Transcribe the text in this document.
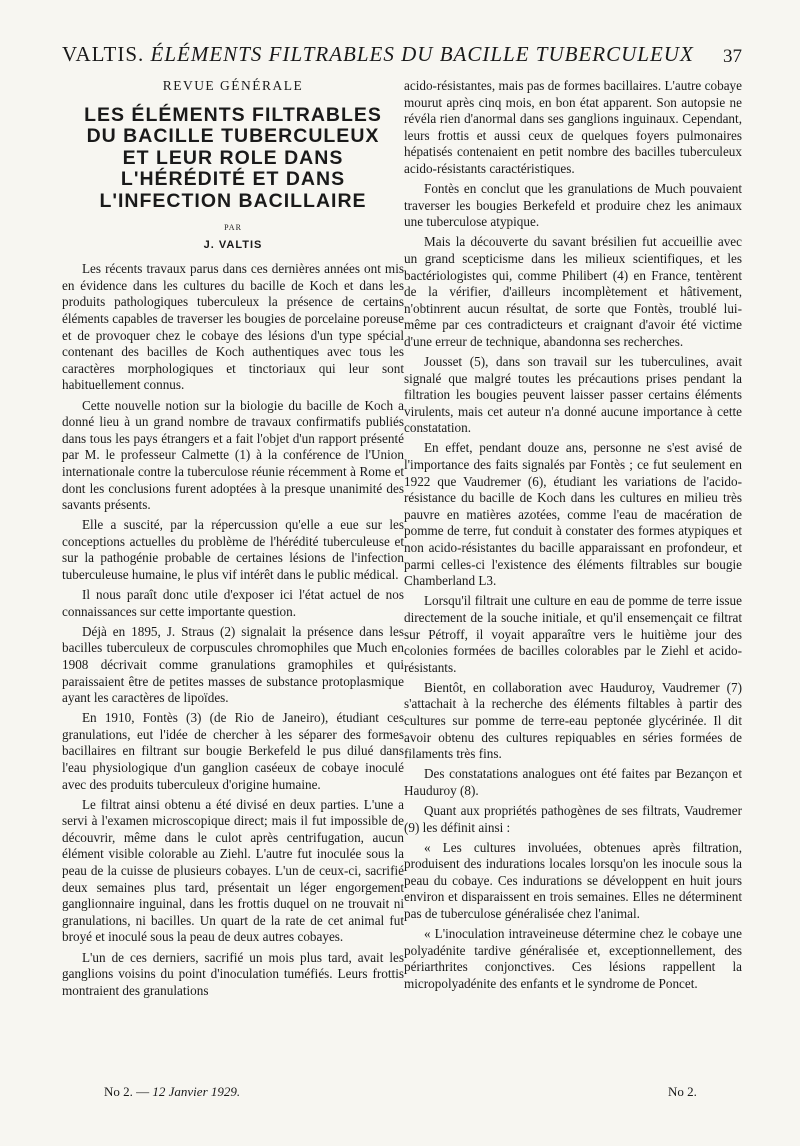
VALTIS. ÉLÉMENTS FILTRABLES DU BACILLE TUBERCULEUX 37
REVUE GÉNÉRALE
LES ÉLÉMENTS FILTRABLES
DU BACILLE TUBERCULEUX
ET LEUR ROLE DANS
L'HÉRÉDITÉ ET DANS
L'INFECTION BACILLAIRE
PAR
J. VALTIS

Les récents travaux parus dans ces dernières années ont mis en évidence dans les cultures du bacille de Koch et dans les produits pathologiques tuberculeux la présence de certains éléments capables de traverser les bougies de porcelaine poreuse et de provoquer chez le cobaye des lésions d'un type spécial contenant des bacilles de Koch authentiques avec tous les caractères morphologiques et tinctoriaux qui leur sont habituellement connus.

Cette nouvelle notion sur la biologie du bacille de Koch a donné lieu à un grand nombre de travaux confirmatifs publiés dans tous les pays étrangers et a fait l'objet d'un rapport présenté par M. le professeur Calmette (1) à la conférence de l'Union internationale contre la tuberculose réunie récemment à Rome et dont les conclusions furent adoptées à la presque unanimité des savants présents.

Elle a suscité, par la répercussion qu'elle a eue sur les conceptions actuelles du problème de l'hérédité tuberculeuse et sur la pathogénie probable de certaines lésions de l'infection tuberculeuse humaine, le plus vif intérêt dans le public médical.

Il nous paraît donc utile d'exposer ici l'état actuel de nos connaissances sur cette importante question.

Déjà en 1895, J. Straus (2) signalait la présence dans les bacilles tuberculeux de corpuscules chromophiles que Much en 1908 décrivait comme granulations gramophiles et qui paraissaient être de petites masses de substance protoplasmique ayant les caractères de lipoïdes.

En 1910, Fontès (3) (de Rio de Janeiro), étudiant ces granulations, eut l'idée de chercher à les séparer des formes bacillaires en filtrant sur bougie Berkefeld le pus dilué dans l'eau physiologique d'un ganglion caséeux de cobaye inoculé avec des produits tuberculeux d'origine humaine.

Le filtrat ainsi obtenu a été divisé en deux parties. L'une a servi à l'examen microscopique direct; mais il fut impossible de découvrir, même dans le culot après centrifugation, aucun élément visible colorable au Ziehl. L'autre fut inoculée sous la peau de la cuisse de plusieurs cobayes. L'un de ceux-ci, sacrifié deux semaines plus tard, présentait un léger engorgement ganglionnaire inguinal, dans les frottis duquel on ne trouvait ni granulations, ni bacilles. Un quart de la rate de cet animal fut broyé et inoculé sous la peau de deux autres cobayes.

L'un de ces derniers, sacrifié un mois plus tard, avait les ganglions voisins du point d'inoculation tuméfiés. Leurs frottis montraient des granulations

acido-résistantes, mais pas de formes bacillaires. L'autre cobaye mourut après cinq mois, en bon état apparent. Son autopsie ne révéla rien d'anormal dans ses ganglions inguinaux. Cependant, leurs frottis et aussi ceux de quelques foyers pulmonaires hépatisés contenaient en petit nombre des bacilles tuberculeux acido-résistants caractéristiques.

Fontès en conclut que les granulations de Much pouvaient traverser les bougies Berkefeld et produire chez les animaux une tuberculose atypique.

Mais la découverte du savant brésilien fut accueillie avec un grand scepticisme dans les milieux scientifiques, et les bactériologistes qui, comme Philibert (4) en France, tentèrent de la vérifier, d'ailleurs incomplètement et hâtivement, n'obtinrent aucun résultat, de sorte que Fontès, troublé lui-même par ces contradicteurs et craignant d'avoir été victime d'une erreur de technique, abandonna ses recherches.

Jousset (5), dans son travail sur les tuberculines, avait signalé que malgré toutes les précautions prises pendant la filtration les bougies peuvent laisser passer certains éléments virulents, mais cet auteur n'a donné aucune importance à cette constatation.

En effet, pendant douze ans, personne ne s'est avisé de l'importance des faits signalés par Fontès ; ce fut seulement en 1922 que Vaudremer (6), étudiant les variations de l'acido-résistance du bacille de Koch dans les cultures en milieu très pauvre en matières azotées, comme l'eau de macération de pomme de terre, fut conduit à constater des formes atypiques et non acido-résistantes du bacille apparaissant en profondeur, et parmi celles-ci l'existence des éléments filtrables sur bougie Chamberland L3.

Lorsqu'il filtrait une culture en eau de pomme de terre issue directement de la souche initiale, et qu'il ensemençait ce filtrat sur Pétroff, il voyait apparaître vers le huitième jour des colonies formées de bacilles colorables par le Ziehl et acido-résistants.

Bientôt, en collaboration avec Hauduroy, Vaudremer (7) s'attachait à la recherche des éléments filtables à partir des cultures sur pomme de terre-eau peptonée glycérinée. Il dit avoir obtenu des cultures repiquables en séries formées de filaments très fins.

Des constatations analogues ont été faites par Bezançon et Hauduroy (8).

Quant aux propriétés pathogènes de ses filtrats, Vaudremer (9) les définit ainsi :

« Les cultures involuées, obtenues après filtration, produisent des indurations locales lorsqu'on les inocule sous la peau du cobaye. Ces indurations se développent en huit jours environ et disparaissent en trois semaines. Elles ne déterminent pas de tuberculose généralisée chez l'animal.

« L'inoculation intraveineuse détermine chez le cobaye une polyadénite tardive généralisée et, exceptionnellement, des périarthrites conjonctives. Ces lésions rappellent la micropolyadénite des enfants et le syndrome de Poncet.

No 2. — 12 Janvier 1929.	No 2.
